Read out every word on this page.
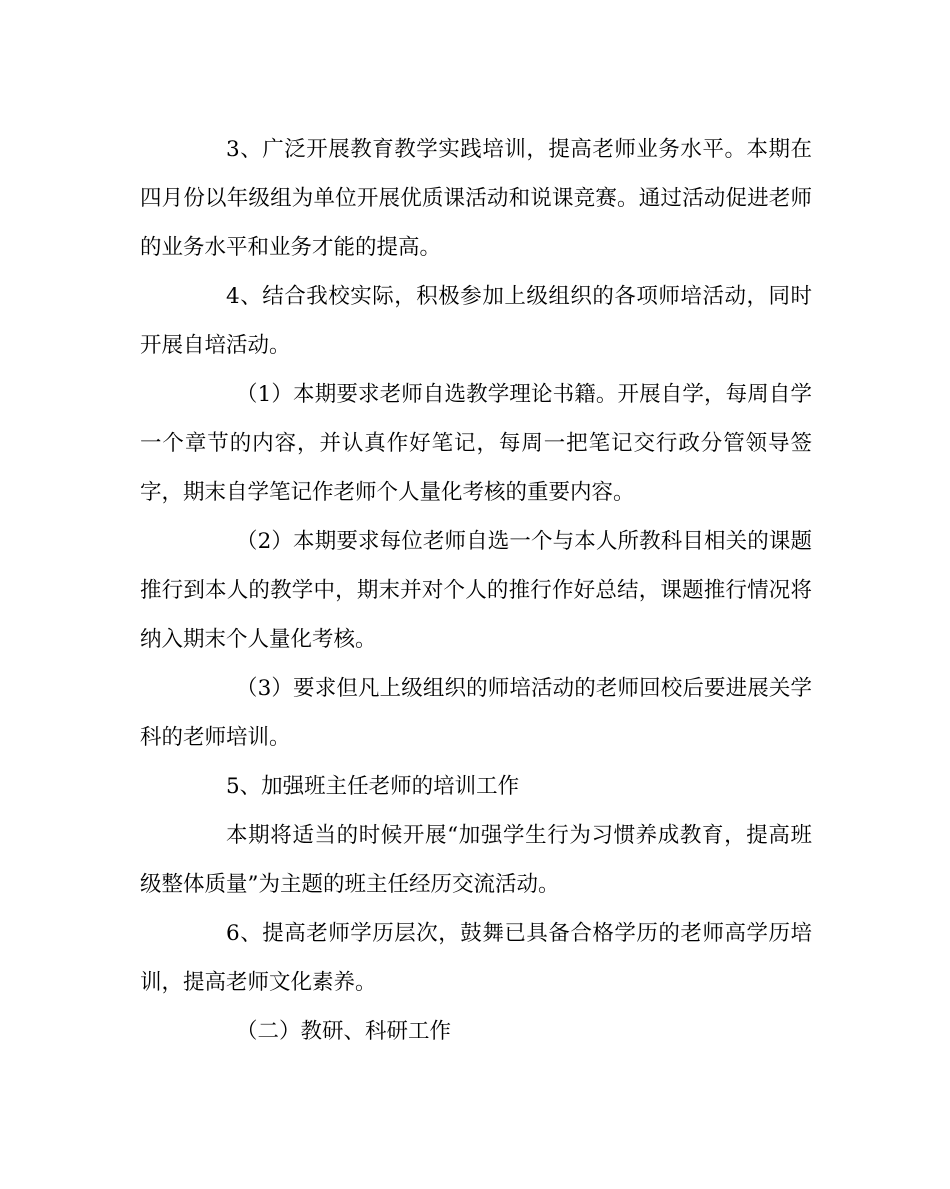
3、广泛开展教育教学实践培训，提高老师业务水平。本期在四月份以年级组为单位开展优质课活动和说课竞赛。通过活动促进老师的业务水平和业务才能的提高。

4、结合我校实际，积极参加上级组织的各项师培活动，同时开展自培活动。

（1）本期要求老师自选教学理论书籍。开展自学，每周自学一个章节的内容，并认真作好笔记，每周一把笔记交行政分管领导签字，期末自学笔记作老师个人量化考核的重要内容。

（2）本期要求每位老师自选一个与本人所教科目相关的课题推行到本人的教学中，期末并对个人的推行作好总结，课题推行情况将纳入期末个人量化考核。

（3）要求但凡上级组织的师培活动的老师回校后要进展关学科的老师培训。

5、加强班主任老师的培训工作

本期将适当的时候开展“加强学生行为习惯养成教育，提高班级整体质量”为主题的班主任经历交流活动。

6、提高老师学历层次，鼓舞已具备合格学历的老师高学历培训，提高老师文化素养。

（二）教研、科研工作
